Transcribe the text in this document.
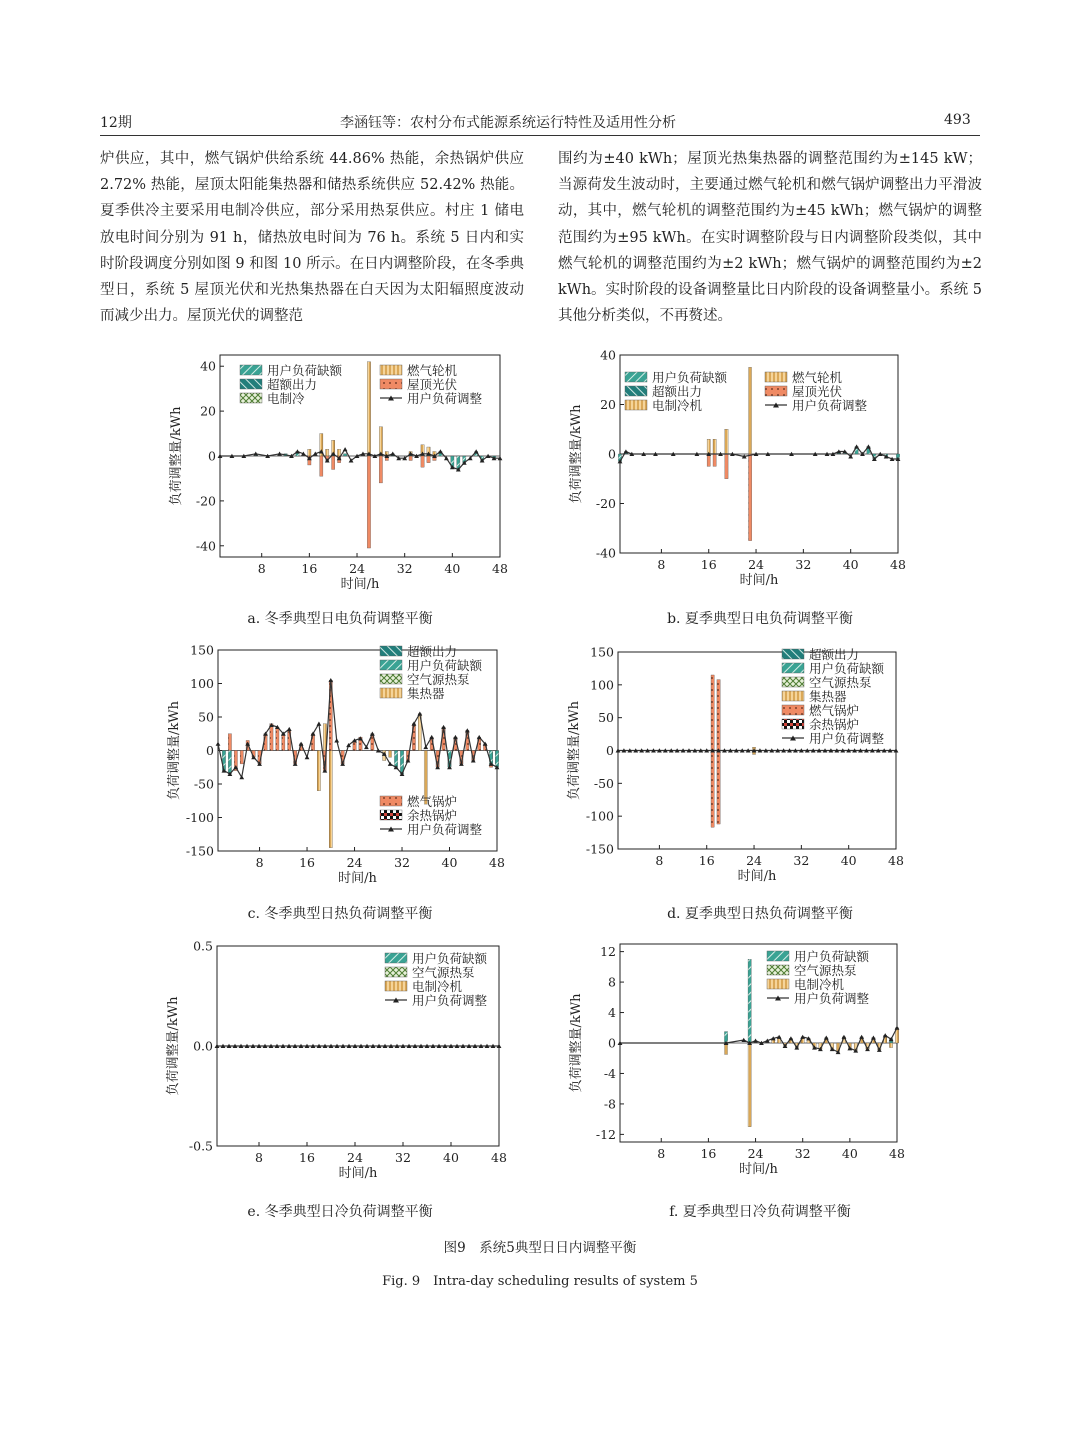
12期	李涵钰等：农村分布式能源系统运行特性及适用性分析	493

炉供应，其中，燃气锅炉供给系统 44.86% 热能，余热锅炉供应 2.72% 热能，屋顶太阳能集热器和储热系统供应 52.42% 热能。夏季供冷主要采用电制冷供应，部分采用热泵供应。村庄 1 储电放电时间分别为 91 h，储热放电时间为 76 h。系统 5 日内和实时阶段调度分别如图 9 和图 10 所示。在日内调整阶段，在冬季典型日，系统 5 屋顶光伏和光热集热器在白天因为太阳辐照度波动而减少出力。屋顶光伏的调整范

围约为±40 kWh；屋顶光热集热器的调整范围约为±145 kW；当源荷发生波动时，主要通过燃气轮机和燃气锅炉调整出力平滑波动，其中，燃气轮机的调整范围约为±45 kWh；燃气锅炉的调整范围约为±95 kWh。在实时调整阶段与日内调整阶段类似，其中燃气轮机的调整范围约为±2 kWh；燃气锅炉的调整范围约为±2 kWh。实时阶段的设备调整量比日内阶段的设备调整量小。系统 5 其他分析类似，不再赘述。

8	16	24	32	40	48
-40
-20
0
20
40
时间/h
负荷调整量/kWh
用户负荷缺额	燃气轮机
超额出力	屋顶光伏
电制冷	用户负荷调整
8	16	24	32	40	48
-40
-20
0
20
40
时间/h
负荷调整量/kWh
用户负荷缺额	燃气轮机
超额出力	屋顶光伏
电制冷机	用户负荷调整
8	16	24	32	40	48
-150
-100
-50
0
50
100
150
时间/h
负荷调整量/kWh
超额出力
用户负荷缺额
空气源热泵
集热器
燃气锅炉
余热锅炉
用户负荷调整
8	16	24	32	40	48
-150
-100
-50
0
50
100
150
时间/h
负荷调整量/kWh
超额出力
用户负荷缺额
空气源热泵
集热器
燃气锅炉
余热锅炉
用户负荷调整
8	16	24	32	40	48
-0.5
0.0
0.5
时间/h
负荷调整量/kWh
用户负荷缺额
空气源热泵
电制冷机
用户负荷调整
8	16 24 32 40 48
-12
-8
-4
0
4
8
12
时间/h
负荷调整量/kWh
用户负荷缺额
空气源热泵
电制冷机
用户负荷调整
a. 冬季典型日电负荷调整平衡	b. 夏季典型日电负荷调整平衡
c. 冬季典型日热负荷调整平衡	d. 夏季典型日热负荷调整平衡
e. 冬季典型日冷负荷调整平衡	f. 夏季典型日冷负荷调整平衡
图9　系统5典型日日内调整平衡
Fig. 9　Intra-day scheduling results of system 5
